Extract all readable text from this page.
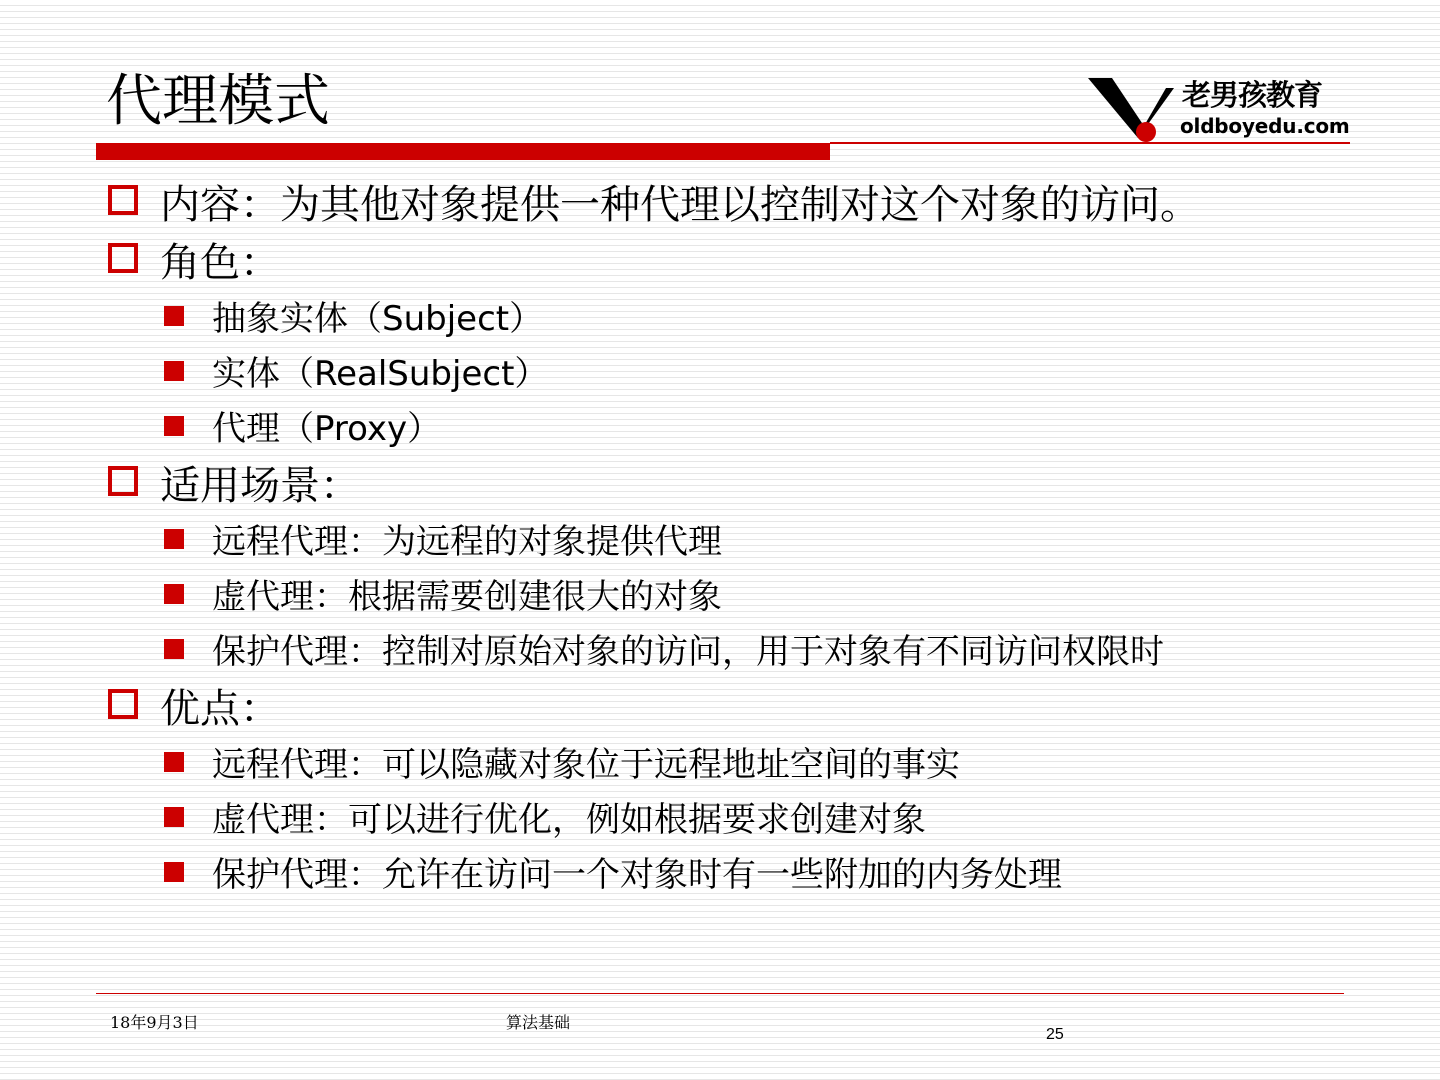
代理模式	老男孩教育
oldboyedu.com
内容：为其他对象提供一种代理以控制对这个对象的访问。
角色：
抽象实体（Subject）
实体（RealSubject）
代理（Proxy）
适用场景：
远程代理：为远程的对象提供代理
虚代理：根据需要创建很大的对象
保护代理：控制对原始对象的访问，用于对象有不同访问权限时
优点：
远程代理：可以隐藏对象位于远程地址空间的事实
虚代理：可以进行优化，例如根据要求创建对象
保护代理：允许在访问一个对象时有一些附加的内务处理
18年9月3日	算法基础
25
